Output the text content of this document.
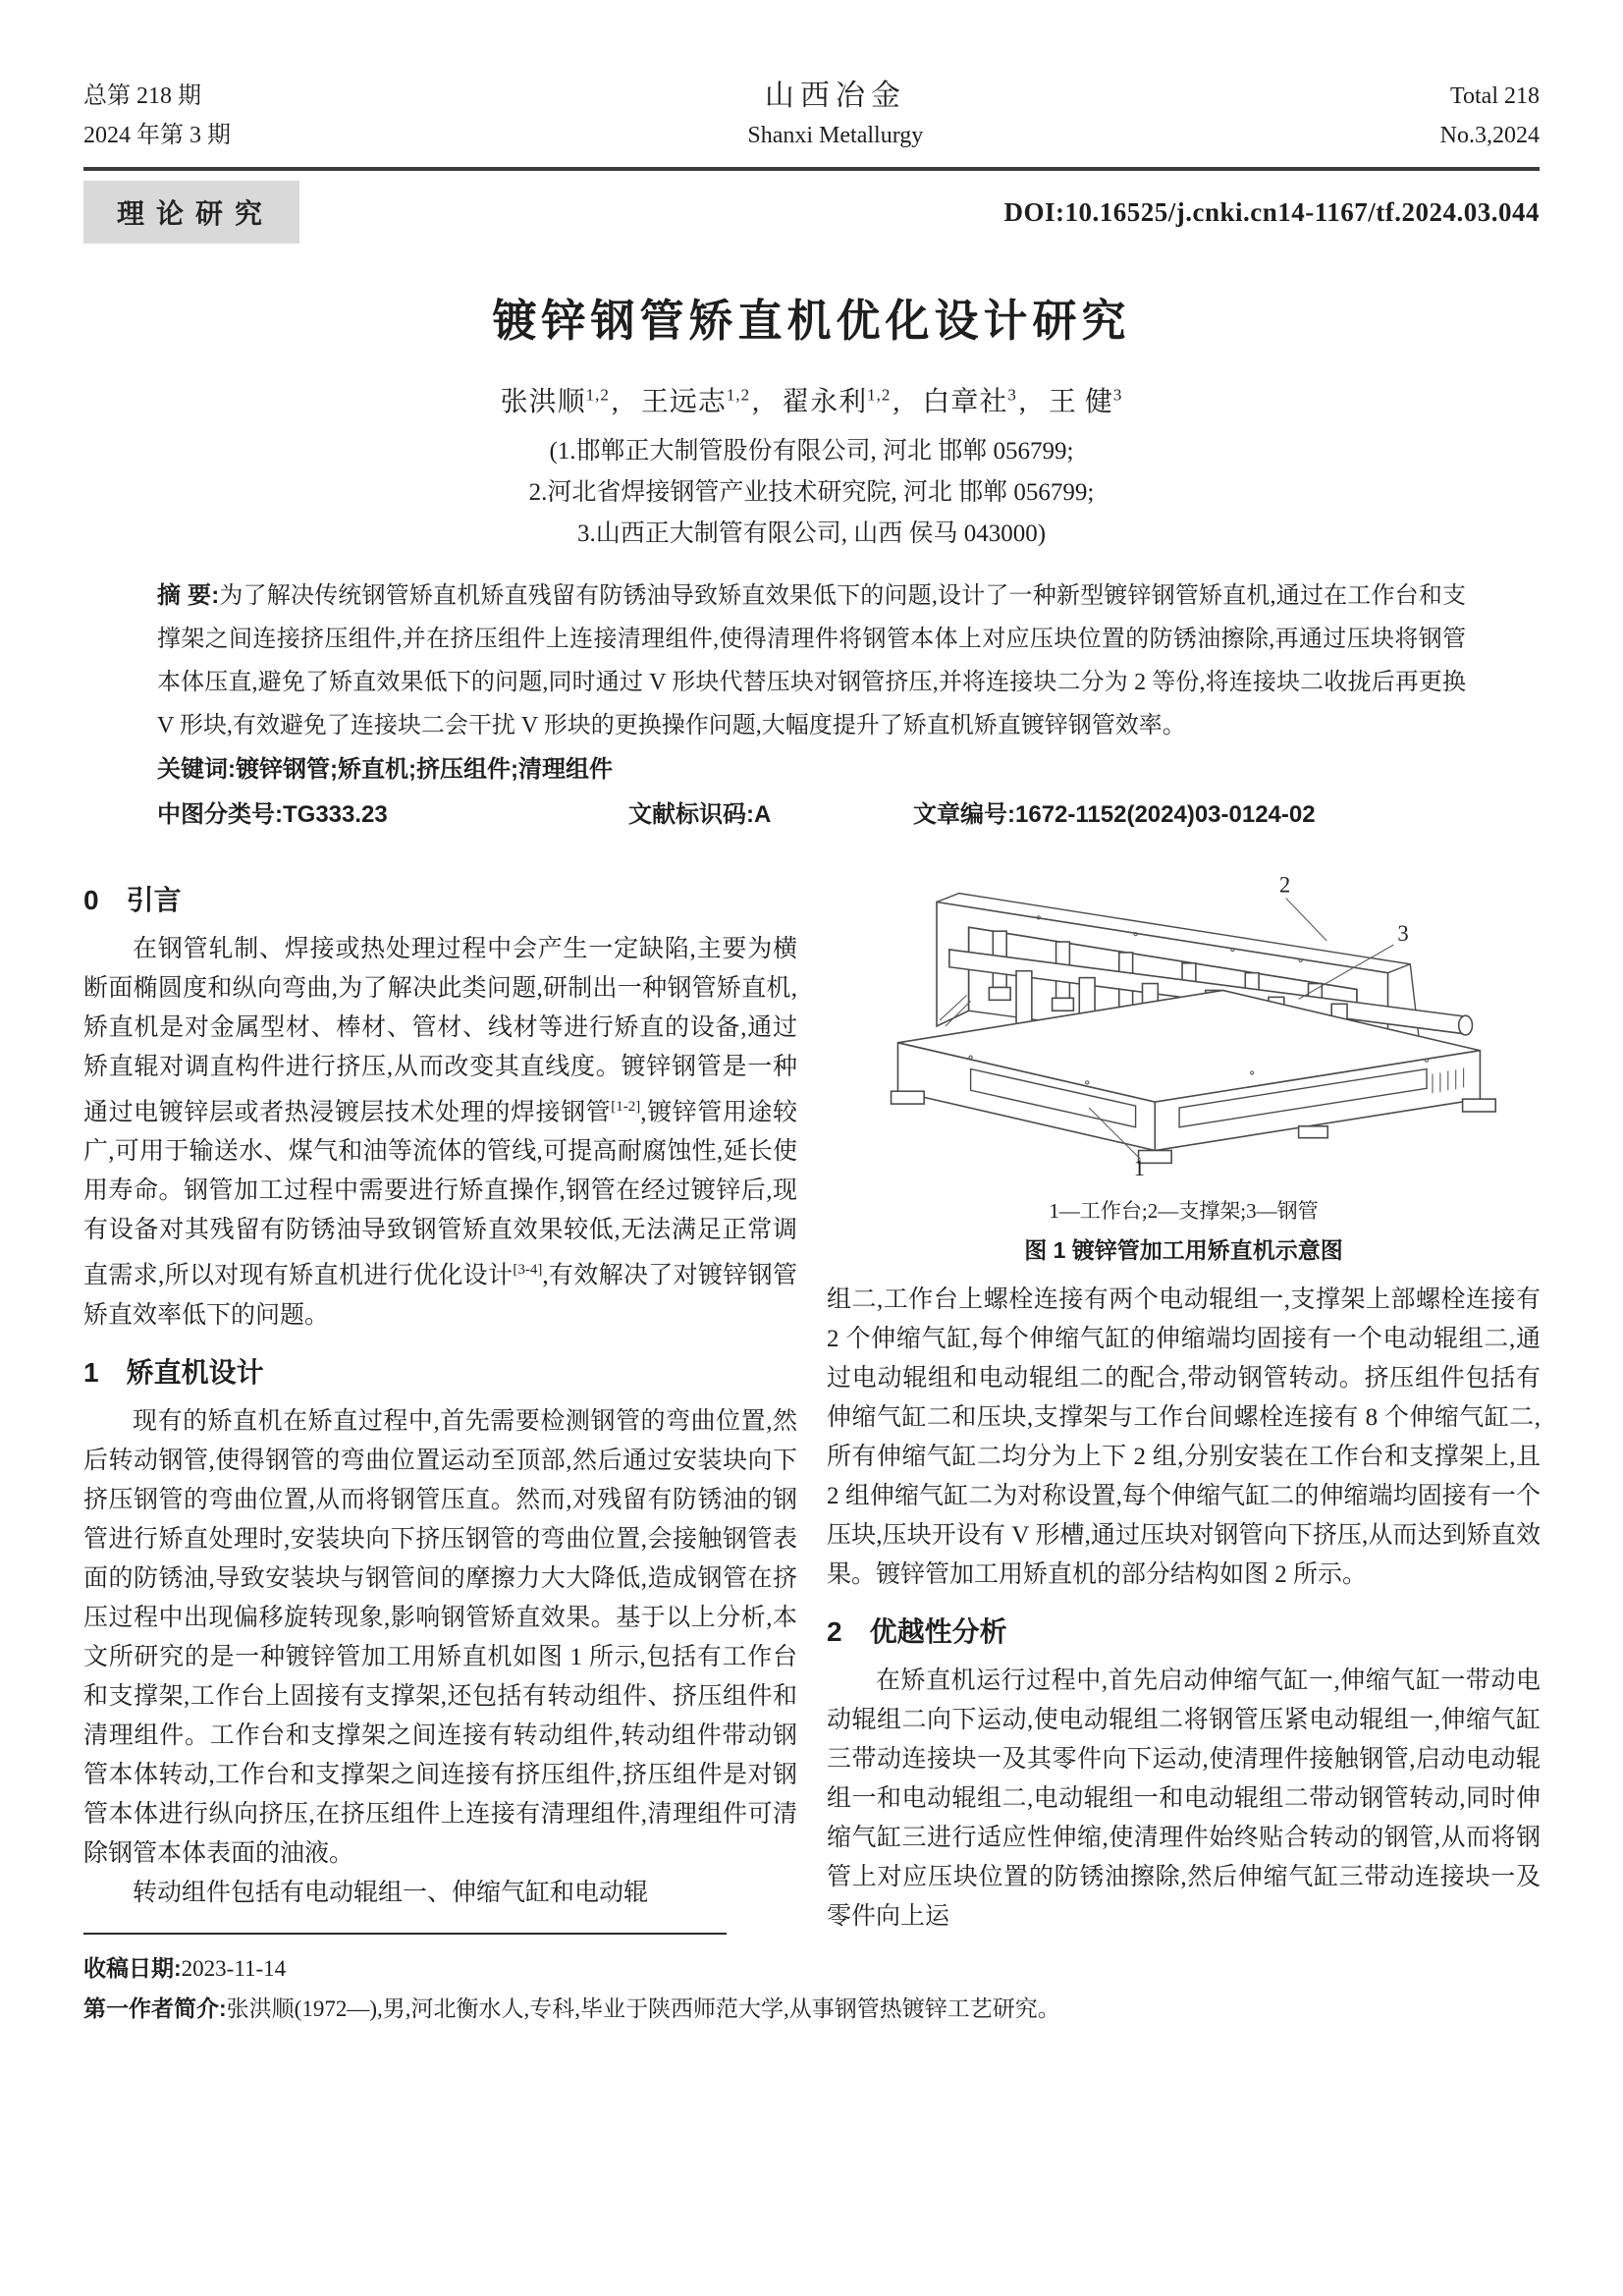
总第 218 期
2024 年第 3 期
山西冶金
Shanxi Metallurgy
Total 218
No.3,2024
理论研究	DOI:10.16525/j.cnki.cn14-1167/tf.2024.03.044
镀锌钢管矫直机优化设计研究
张洪顺$^{1,2}$, 王远志$^{1,2}$, 翟永利$^{1,2}$, 白章社$^3$, 王 健$^3$
(1.邯郸正大制管股份有限公司, 河北 邯郸 056799;
2.河北省焊接钢管产业技术研究院, 河北 邯郸 056799;
3.山西正大制管有限公司, 山西 侯马 043000)
摘 要:为了解决传统钢管矫直机矫直残留有防锈油导致矫直效果低下的问题,设计了一种新型镀锌钢管矫直机,通过在工作台和支撑架之间连接挤压组件,并在挤压组件上连接清理组件,使得清理件将钢管本体上对应压块位置的防锈油擦除,再通过压块将钢管本体压直,避免了矫直效果低下的问题,同时通过 V 形块代替压块对钢管挤压,并将连接块二分为 2 等份,将连接块二收拢后再更换 V 形块,有效避免了连接块二会干扰 V 形块的更换操作问题,大幅度提升了矫直机矫直镀锌钢管效率。
关键词:镀锌钢管;矫直机;挤压组件;清理组件
中图分类号:TG333.23	文献标识码:A	文章编号:1672-1152(2024)03-0124-02
0 引言

在钢管轧制、焊接或热处理过程中会产生一定缺陷,主要为横断面椭圆度和纵向弯曲,为了解决此类问题,研制出一种钢管矫直机,矫直机是对金属型材、棒材、管材、线材等进行矫直的设备,通过矫直辊对调直构件进行挤压,从而改变其直线度。镀锌钢管是一种通过电镀锌层或者热浸镀层技术处理的焊接钢管[1-2],镀锌管用途较广,可用于输送水、煤气和油等流体的管线,可提高耐腐蚀性,延长使用寿命。钢管加工过程中需要进行矫直操作,钢管在经过镀锌后,现有设备对其残留有防锈油导致钢管矫直效果较低,无法满足正常调直需求,所以对现有矫直机进行优化设计[3-4],有效解决了对镀锌钢管矫直效率低下的问题。

1 矫直机设计

现有的矫直机在矫直过程中,首先需要检测钢管的弯曲位置,然后转动钢管,使得钢管的弯曲位置运动至顶部,然后通过安装块向下挤压钢管的弯曲位置,从而将钢管压直。然而,对残留有防锈油的钢管进行矫直处理时,安装块向下挤压钢管的弯曲位置,会接触钢管表面的防锈油,导致安装块与钢管间的摩擦力大大降低,造成钢管在挤压过程中出现偏移旋转现象,影响钢管矫直效果。基于以上分析,本文所研究的是一种镀锌管加工用矫直机如图 1 所示,包括有工作台和支撑架,工作台上固接有支撑架,还包括有转动组件、挤压组件和清理组件。工作台和支撑架之间连接有转动组件,转动组件带动钢管本体转动,工作台和支撑架之间连接有挤压组件,挤压组件是对钢管本体进行纵向挤压,在挤压组件上连接有清理组件,清理组件可清除钢管本体表面的油液。

转动组件包括有电动辊组一、伸缩气缸和电动辊

收稿日期:2023-11-14
第一作者简介:张洪顺(1972—),男,河北衡水人,专科,毕业于陕西师范大学,从事钢管热镀锌工艺研究。
2
3
1
1—工作台;2—支撑架;3—钢管
图 1 镀锌管加工用矫直机示意图

组二,工作台上螺栓连接有两个电动辊组一,支撑架上部螺栓连接有 2 个伸缩气缸,每个伸缩气缸的伸缩端均固接有一个电动辊组二,通过电动辊组和电动辊组二的配合,带动钢管转动。挤压组件包括有伸缩气缸二和压块,支撑架与工作台间螺栓连接有 8 个伸缩气缸二,所有伸缩气缸二均分为上下 2 组,分别安装在工作台和支撑架上,且 2 组伸缩气缸二为对称设置,每个伸缩气缸二的伸缩端均固接有一个压块,压块开设有 V 形槽,通过压块对钢管向下挤压,从而达到矫直效果。镀锌管加工用矫直机的部分结构如图 2 所示。

2 优越性分析

在矫直机运行过程中,首先启动伸缩气缸一,伸缩气缸一带动电动辊组二向下运动,使电动辊组二将钢管压紧电动辊组一,伸缩气缸三带动连接块一及其零件向下运动,使清理件接触钢管,启动电动辊组一和电动辊组二,电动辊组一和电动辊组二带动钢管转动,同时伸缩气缸三进行适应性伸缩,使清理件始终贴合转动的钢管,从而将钢管上对应压块位置的防锈油擦除,然后伸缩气缸三带动连接块一及零件向上运
